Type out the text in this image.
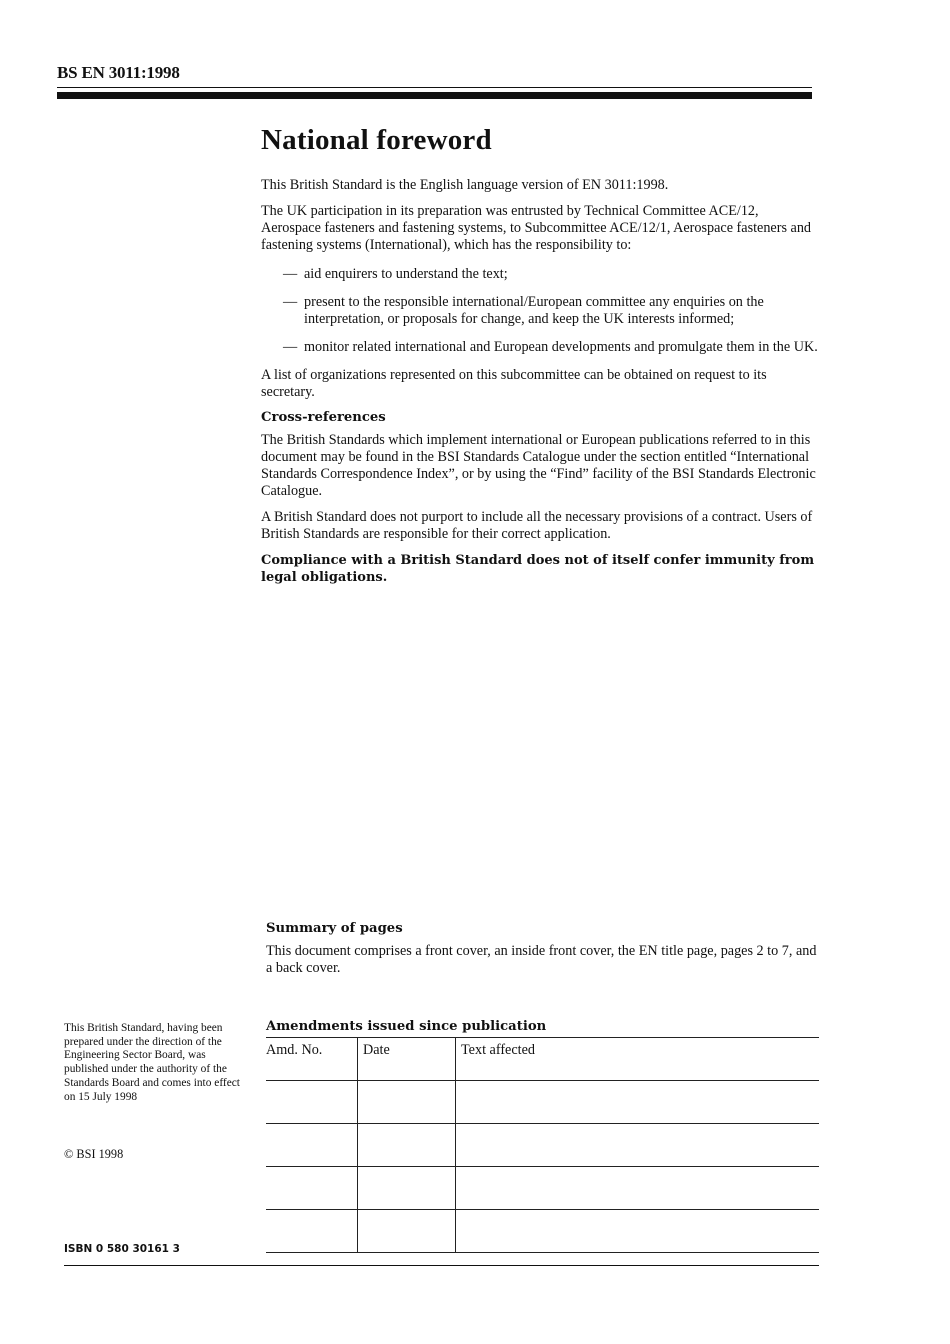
BS EN 3011:1998
National foreword

This British Standard is the English language version of EN 3011:1998.

The UK participation in its preparation was entrusted by Technical Committee ACE/12, Aerospace fasteners and fastening systems, to Subcommittee ACE/12/1, Aerospace fasteners and fastening systems (International), which has the responsibility to:

— aid enquirers to understand the text;
— present to the responsible international/European committee any enquiries on the interpretation, or proposals for change, and keep the UK interests informed;
— monitor related international and European developments and promulgate them in the UK.

A list of organizations represented on this subcommittee can be obtained on request to its secretary.

Cross-references

The British Standards which implement international or European publications referred to in this document may be found in the BSI Standards Catalogue under the section entitled “International Standards Correspondence Index”, or by using the “Find” facility of the BSI Standards Electronic Catalogue.

A British Standard does not purport to include all the necessary provisions of a contract. Users of British Standards are responsible for their correct application.

Compliance with a British Standard does not of itself confer immunity from legal obligations.

Summary of pages

This document comprises a front cover, an inside front cover, the EN title page, pages 2 to 7, and a back cover.

Amendments issued since publication
Amd. No.	Date	Text affected

This British Standard, having been prepared under the direction of the Engineering Sector Board, was published under the authority of the Standards Board and comes into effect on 15 July 1998
© BSI 1998
ISBN 0 580 30161 3
